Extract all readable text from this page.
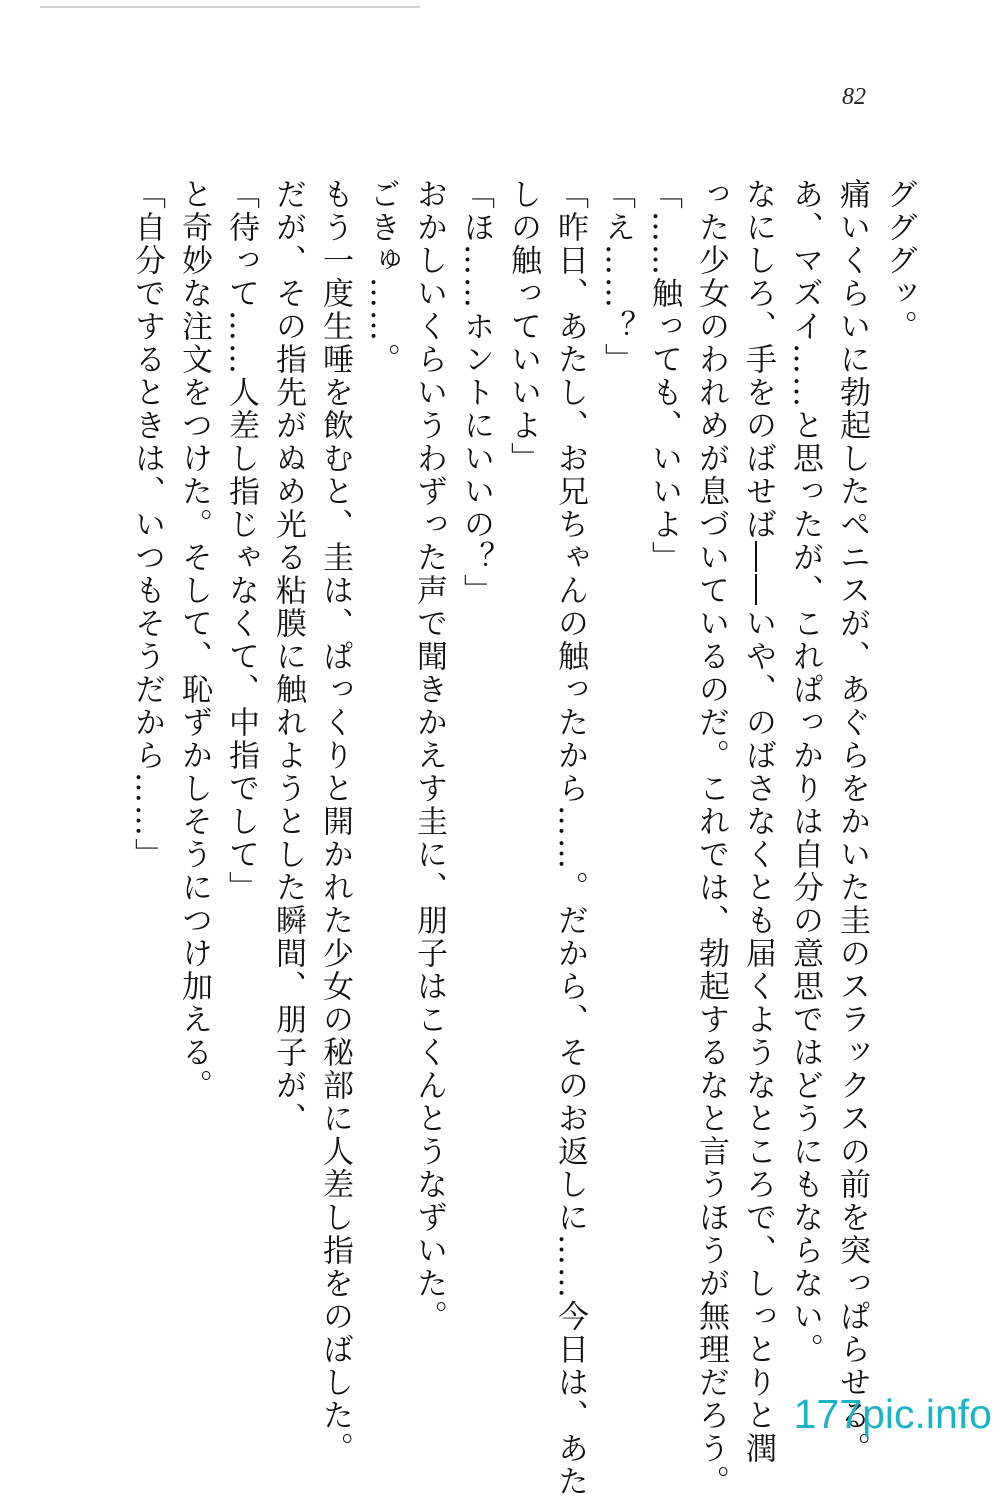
82
グググッ。
痛いくらいに勃起したペニスが、あぐらをかいた圭のスラックスの前を突っぱらせる。
あ、マズイ……と思ったが、これぱっかりは自分の意思ではどうにもならない。
なにしろ、手をのばせば――いや、のばさなくとも届くようなところで、しっとりと潤
った少女のわれめが息づいているのだ。これでは、勃起するなと言うほうが無理だろう。
「……触っても、いいよ」
「え……？」
「昨日、あたし、お兄ちゃんの触ったから……。だから、そのお返しに……今日は、あた
しの触っていいよ」
「ほ……ホントにいいの？」
おかしいくらいうわずった声で聞きかえす圭に、朋子はこくんとうなずいた。
ごきゅ……。
もう一度生唾を飲むと、圭は、ぱっくりと開かれた少女の秘部に人差し指をのばした。
だが、その指先がぬめ光る粘膜に触れようとした瞬間、朋子が、
「待って……人差し指じゃなくて、中指でして」
と奇妙な注文をつけた。そして、恥ずかしそうにつけ加える。
「自分でするときは、いつもそうだから……」
177pic.info
